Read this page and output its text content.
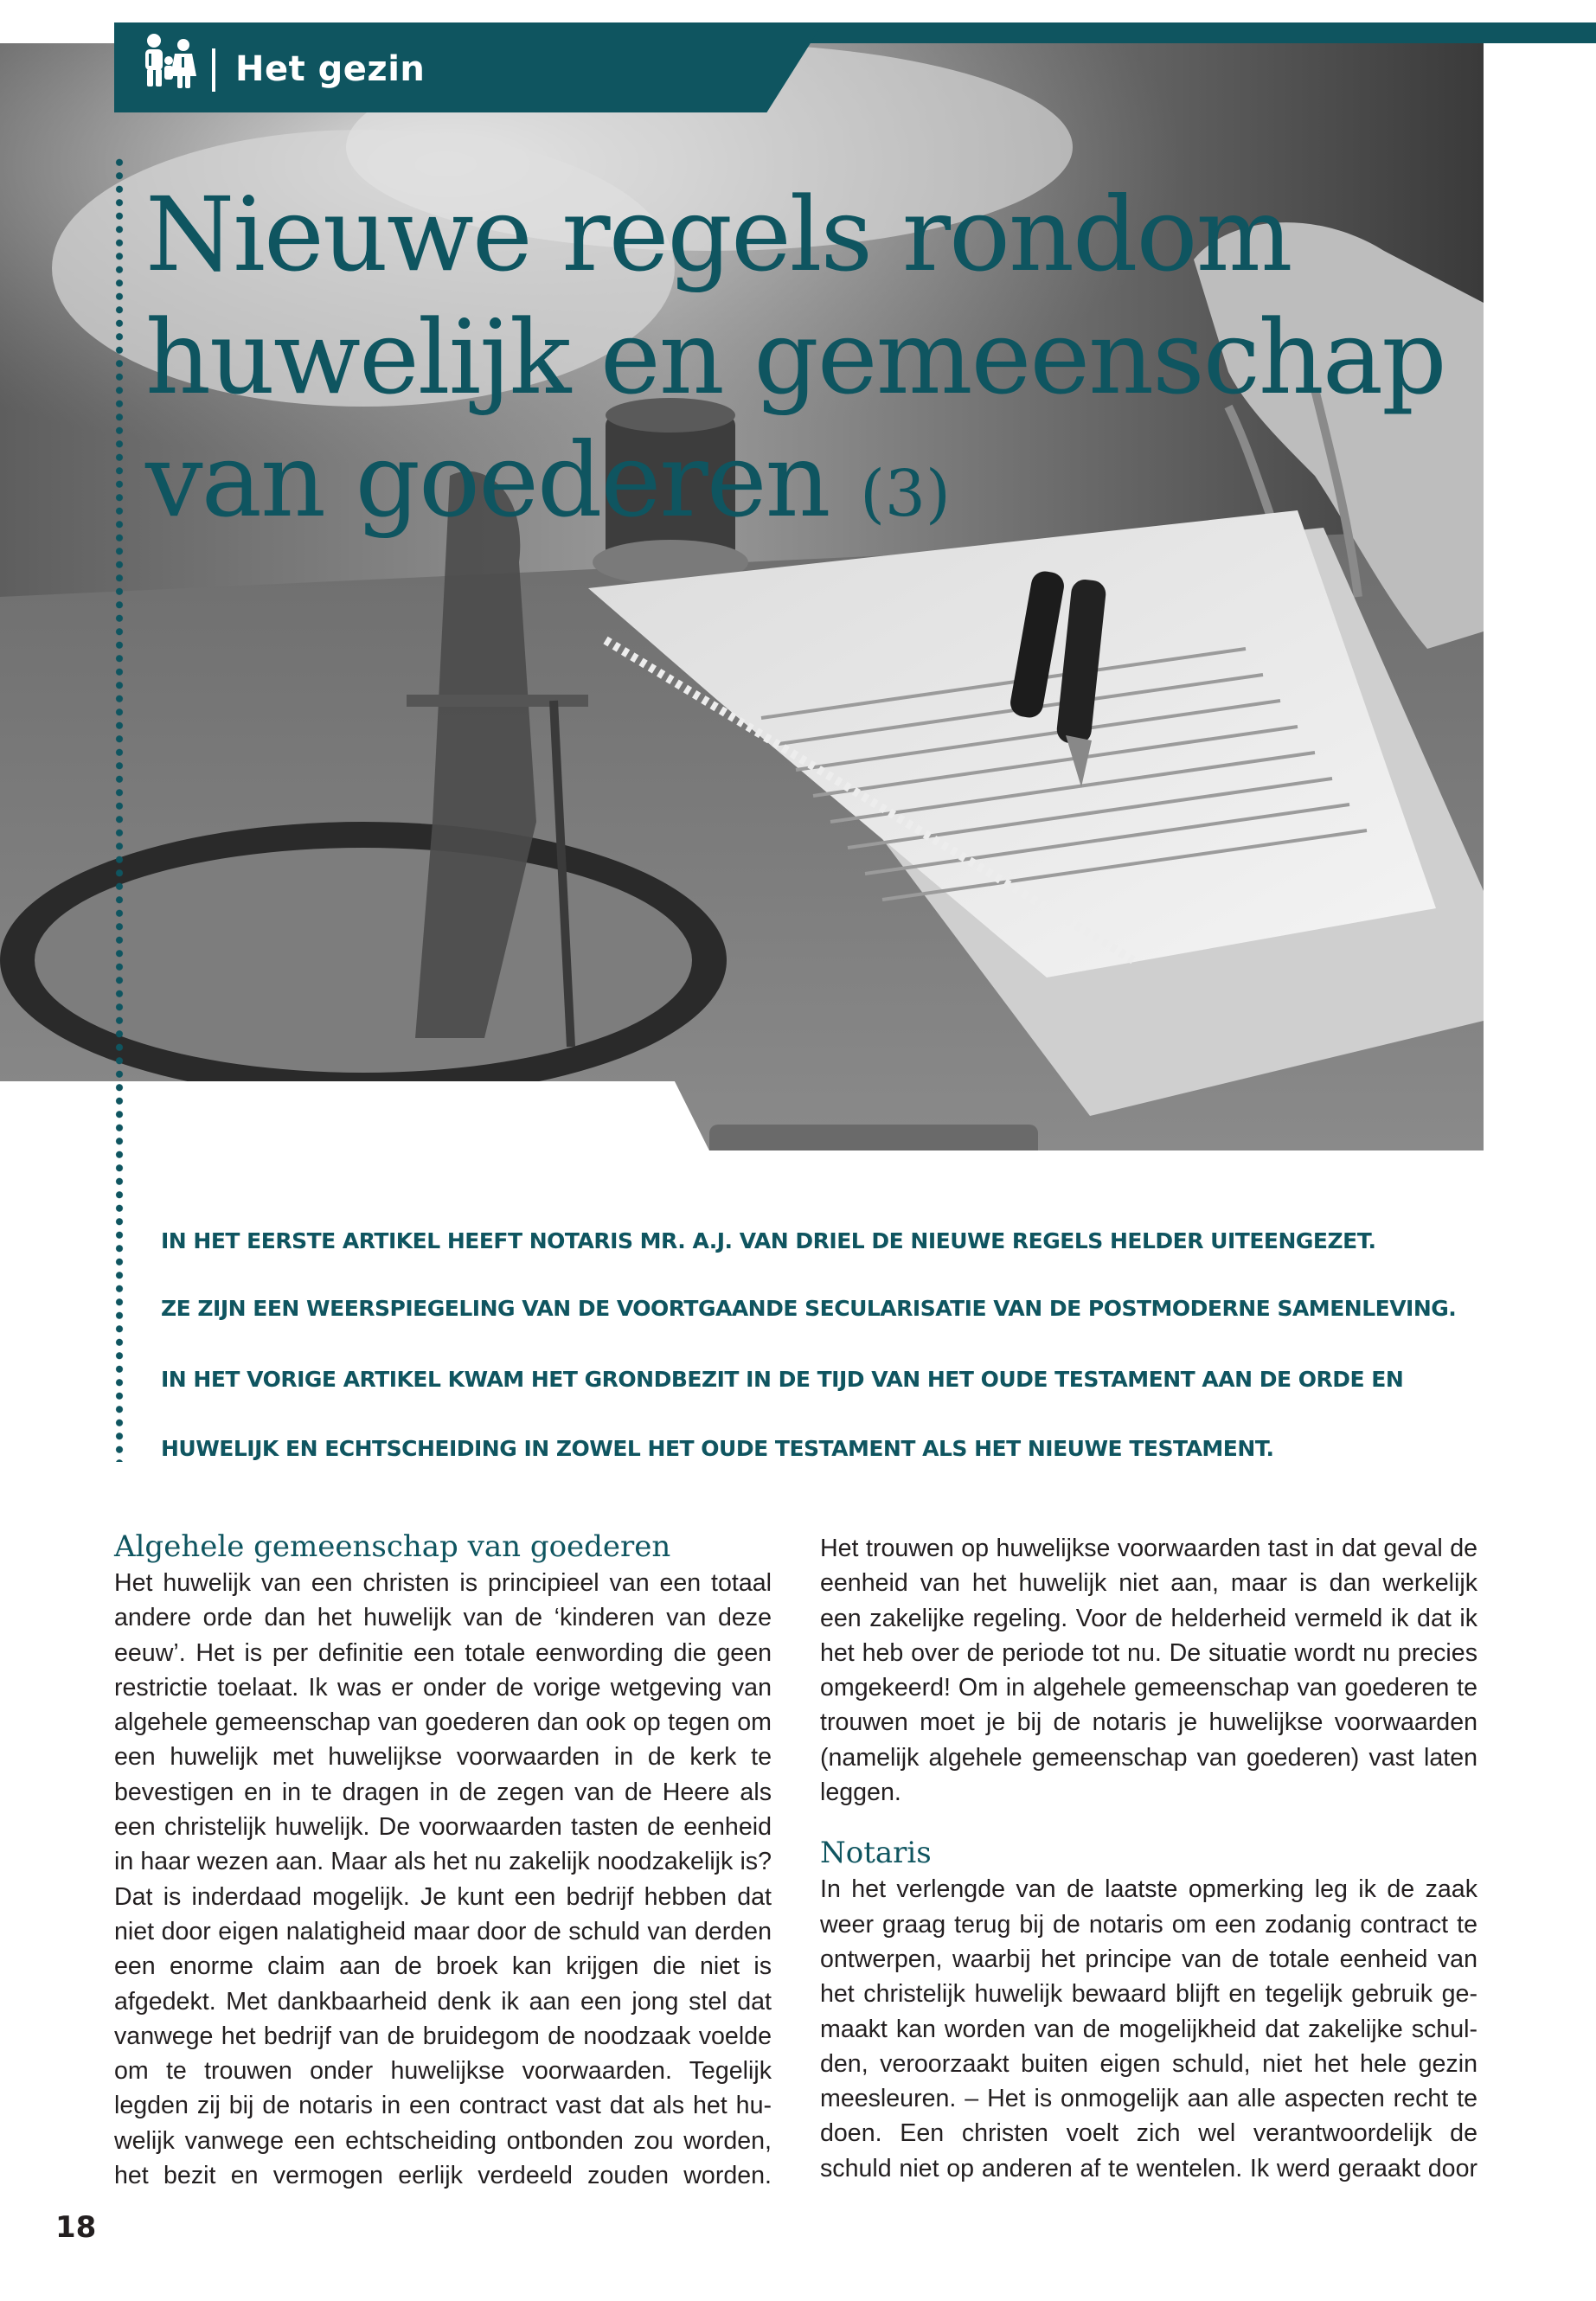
Het gezin
Nieuwe regels rondom
huwelijk en gemeenschap
van goederen (3)
IN HET EERSTE ARTIKEL HEEFT NOTARIS MR. A.J. VAN DRIEL DE NIEUWE REGELS HELDER UITEENGEZET.
ZE ZIJN EEN WEERSPIEGELING VAN DE VOORTGAANDE SECULARISATIE VAN DE POSTMODERNE SAMENLEVING.
IN HET VORIGE ARTIKEL KWAM HET GRONDBEZIT IN DE TIJD VAN HET OUDE TESTAMENT AAN DE ORDE EN
HUWELIJK EN ECHTSCHEIDING IN ZOWEL HET OUDE TESTAMENT ALS HET NIEUWE TESTAMENT.
Algehele gemeenschap van goederen

Het huwelijk van een christen is principieel van een totaal andere orde dan het huwelijk van de ‘kinderen van deze eeuw’. Het is per definitie een totale eenwording die geen restrictie toelaat. Ik was er onder de vorige wetgeving van algehele gemeenschap van goederen dan ook op tegen om een huwelijk met huwelijkse voorwaarden in de kerk te bevestigen en in te dragen in de zegen van de Heere als een christelijk huwelijk. De voorwaarden tasten de eenheid in haar wezen aan. Maar als het nu zakelijk noodzakelijk is? Dat is inderdaad mogelijk. Je kunt een bedrijf hebben dat niet door eigen nalatigheid maar door de schuld van derden een enorme claim aan de broek kan krijgen die niet is afgedekt. Met dankbaarheid denk ik aan een jong stel dat vanwege het bedrijf van de bruidegom de noodzaak voelde om te trouwen onder huwelijkse voorwaarden. Tegelijk legden zij bij de notaris in een contract vast dat als het huwelijk vanwege een echtscheiding ontbonden zou worden, het bezit en vermogen eerlijk verdeeld zouden worden.

Het trouwen op huwelijkse voorwaarden tast in dat geval de eenheid van het huwelijk niet aan, maar is dan werkelijk een zakelijke regeling. Voor de helderheid vermeld ik dat ik het heb over de periode tot nu. De situatie wordt nu precies omgekeerd! Om in algehele gemeenschap van goederen te trouwen moet je bij de notaris je huwelijkse voorwaarden (namelijk algehele gemeenschap van goederen) vast laten leggen.

Notaris

In het verlengde van de laatste opmerking leg ik de zaak weer graag terug bij de notaris om een zodanig contract te ontwerpen, waarbij het principe van de totale eenheid van het christelijk huwelijk bewaard blijft en tegelijk gebruik gemaakt kan worden van de mogelijkheid dat zakelijke schulden, veroorzaakt buiten eigen schuld, niet het hele gezin meesleuren. – Het is onmogelijk aan alle aspecten recht te doen. Een christen voelt zich wel verantwoordelijk de schuld niet op anderen af te wentelen. Ik werd geraakt door

18
